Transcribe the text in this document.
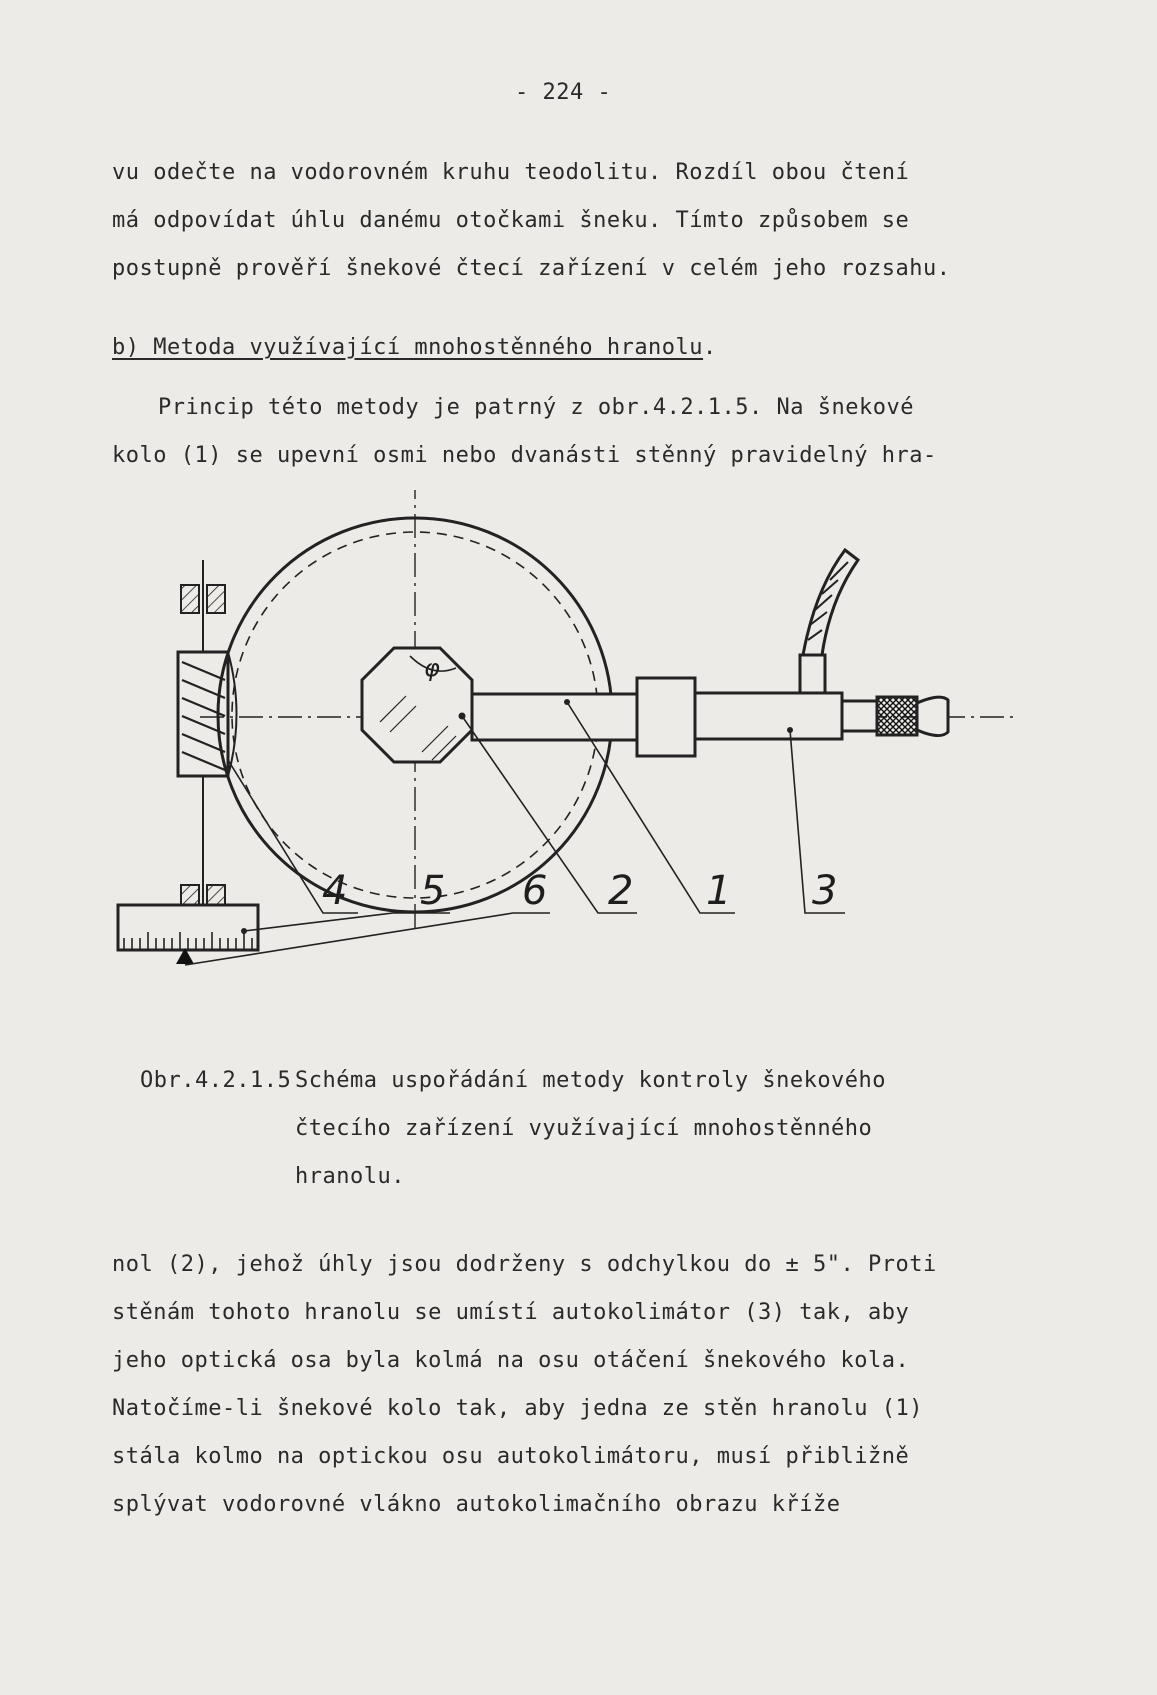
- 224 -
vu odečte na vodorovném kruhu teodolitu. Rozdíl obou čtení
má odpovídat úhlu danému otočkami šneku. Tímto způsobem se
postupně prověří šnekové čtecí zařízení v celém jeho rozsahu.
b) Metoda využívající mnohostěnného hranolu.
Princip této metody je patrný z obr.4.2.1.5. Na šnekové
kolo (1) se upevní osmi nebo dvanásti stěnný pravidelný hra-
φ
4 5 6 2 1 3
Obr.4.2.1.5 Schéma uspořádání metody kontroly šnekového
čtecího zařízení využívající mnohostěnného
hranolu.
nol (2), jehož úhly jsou dodrženy s odchylkou do ± 5". Proti
stěnám tohoto hranolu se umístí autokolimátor (3) tak, aby
jeho optická osa byla kolmá na osu otáčení šnekového kola.
Natočíme-li šnekové kolo tak, aby jedna ze stěn hranolu (1)
stála kolmo na optickou osu autokolimátoru, musí přibližně
splývat vodorovné vlákno autokolimačního obrazu kříže
